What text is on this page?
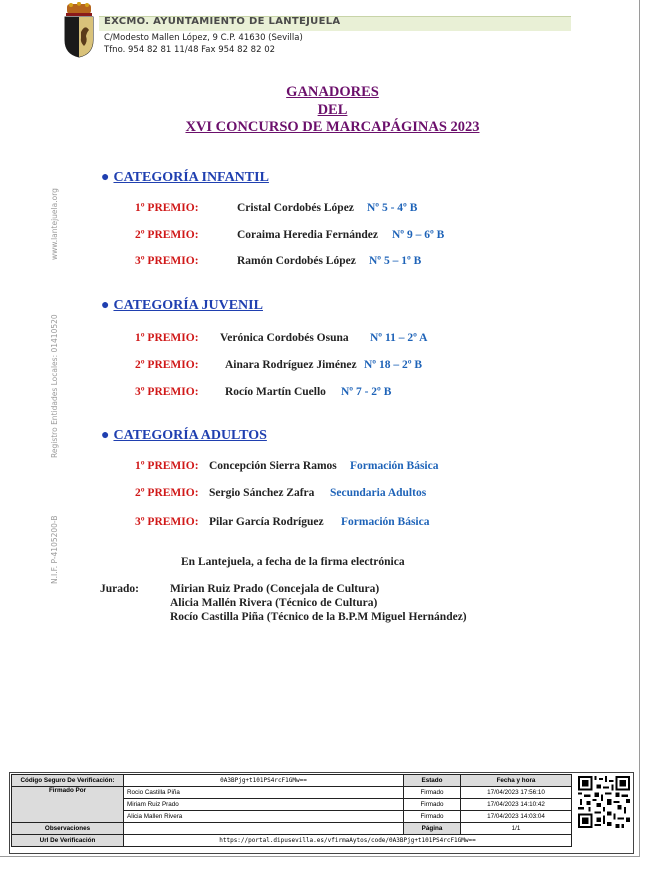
EXCMO. AYUNTAMIENTO DE LANTEJUELA
C/Modesto Mallen López, 9 C.P. 41630 (Sevilla)
Tfno. 954 82 81 11/48 Fax 954 82 82 02
www.lantejuela.org
Registro Entidades Locales: 01410520
N.I.F. P-4105200-B
GANADORES
DEL
XVI CONCURSO DE MARCAPÁGINAS 2023
● CATEGORÍA INFANTIL
1º PREMIO:	Cristal Cordobés López Nº 5 - 4º B
2º PREMIO:	Coraima Heredia Fernández Nº 9 – 6º B
3º PREMIO:	Ramón Cordobés López Nº 5 – 1º B
● CATEGORÍA JUVENIL
1º PREMIO: Verónica Cordobés Osuna Nº 11 – 2º A
2º PREMIO: Ainara Rodríguez Jiménez Nº 18 – 2º B
3º PREMIO: Rocío Martín Cuello Nº 7 - 2º B
● CATEGORÍA ADULTOS
1º PREMIO: Concepción Sierra Ramos Formación Básica
2º PREMIO: Sergio Sánchez Zafra Secundaria Adultos
3º PREMIO: Pilar García Rodríguez Formación Básica
En Lantejuela, a fecha de la firma electrónica
Jurado:	Mirian Ruiz Prado (Concejala de Cultura)
Alicia Mallén Rivera (Técnico de Cultura)
Rocío Castilla Piña (Técnico de la B.P.M Miguel Hernández)
Código Seguro De Verificación:	0A3BPjg+t101PS4rcF1GMw==	Estado	Fecha y hora
Firmado Por	Rocio Castilla Piña	Firmado	17/04/2023 17:56:10
	Miriam Ruiz Prado	Firmado	17/04/2023 14:10:42
	Alicia Mallen Rivera	Firmado	17/04/2023 14:03:04
Observaciones		Página	1/1
Url De Verificación	https://portal.dipusevilla.es/vfirmaAytos/code/0A3BPjg+t101PS4rcF1GMw==		
